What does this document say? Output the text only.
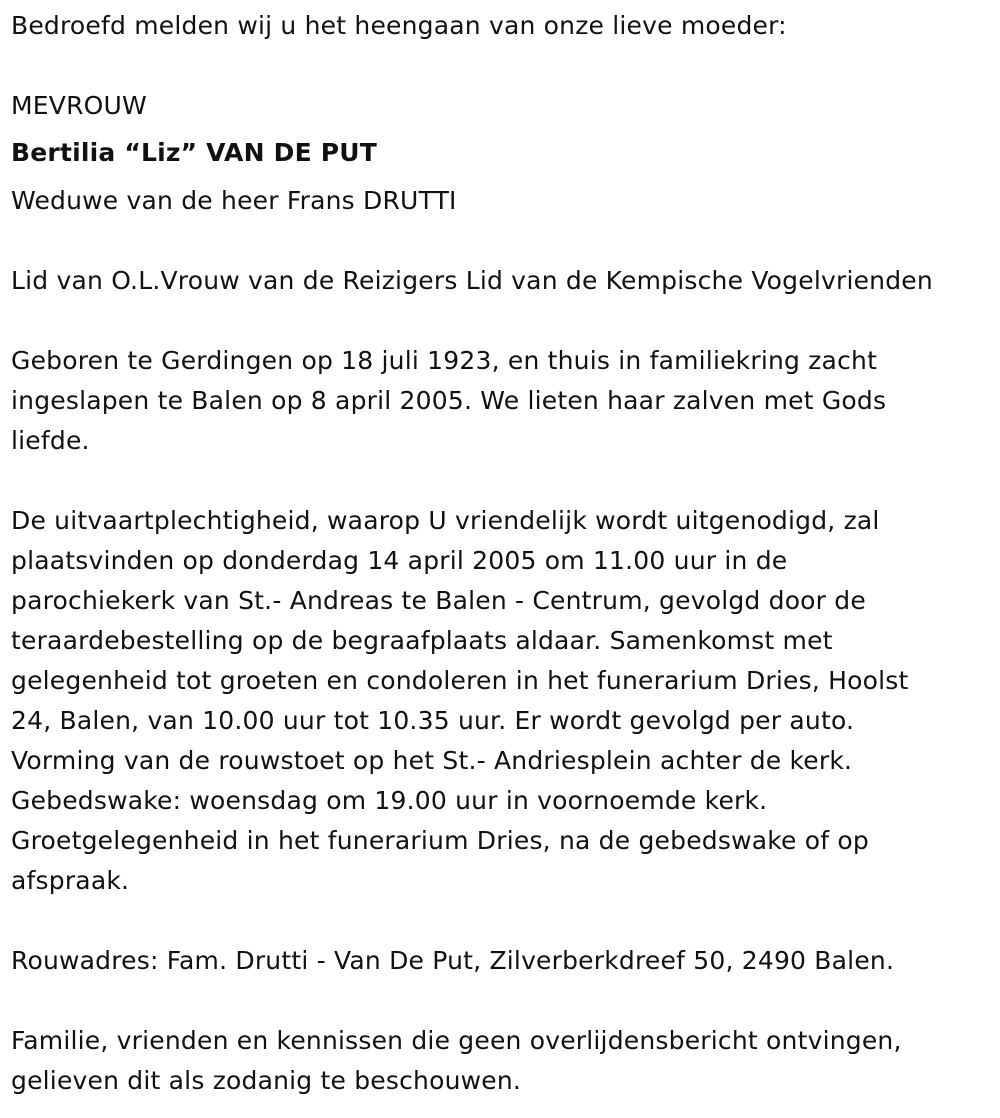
Bedroefd melden wij u het heengaan van onze lieve moeder:
MEVROUW
Bertilia “Liz” VAN DE PUT
Weduwe van de heer Frans DRUTTI
Lid van O.L.Vrouw van de Reizigers Lid van de Kempische Vogelvrienden
Geboren te Gerdingen op 18 juli 1923, en thuis in familiekring zacht
ingeslapen te Balen op 8 april 2005. We lieten haar zalven met Gods
liefde.
De uitvaartplechtigheid, waarop U vriendelijk wordt uitgenodigd, zal
plaatsvinden op donderdag 14 april 2005 om 11.00 uur in de
parochiekerk van St.- Andreas te Balen - Centrum, gevolgd door de
teraardebestelling op de begraafplaats aldaar. Samenkomst met
gelegenheid tot groeten en condoleren in het funerarium Dries, Hoolst
24, Balen, van 10.00 uur tot 10.35 uur. Er wordt gevolgd per auto.
Vorming van de rouwstoet op het St.- Andriesplein achter de kerk.
Gebedswake: woensdag om 19.00 uur in voornoemde kerk.
Groetgelegenheid in het funerarium Dries, na de gebedswake of op
afspraak.
Rouwadres: Fam. Drutti - Van De Put, Zilverberkdreef 50, 2490 Balen.
Familie, vrienden en kennissen die geen overlijdensbericht ontvingen,
gelieven dit als zodanig te beschouwen.
